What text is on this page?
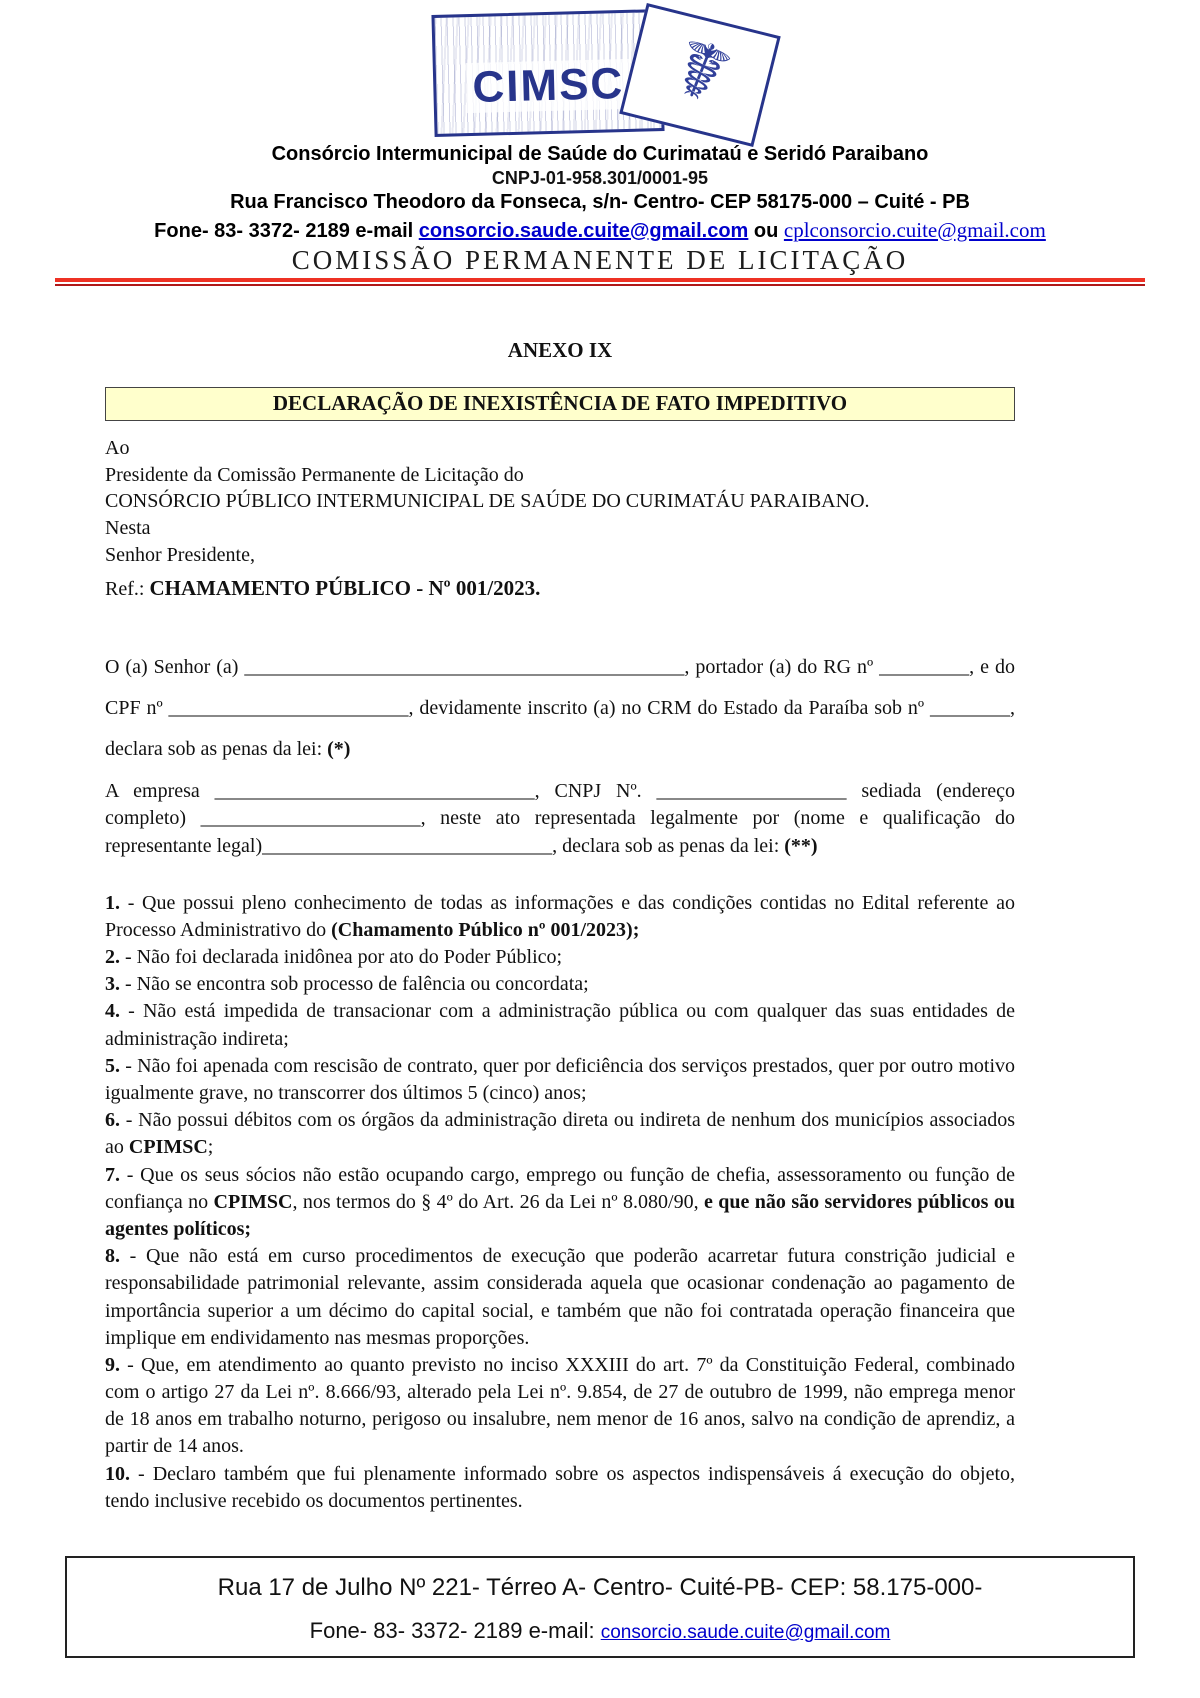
CIMSC ☤
Consórcio Intermunicipal de Saúde do Curimataú e Seridó Paraibano
CNPJ-01-958.301/0001-95
Rua Francisco Theodoro da Fonseca, s/n- Centro- CEP 58175-000 – Cuité - PB
Fone- 83- 3372- 2189 e-mail consorcio.saude.cuite@gmail.com ou cplconsorcio.cuite@gmail.com
COMISSÃO PERMANENTE DE LICITAÇÃO
ANEXO IX
DECLARAÇÃO DE INEXISTÊNCIA DE FATO IMPEDITIVO

Ao

Presidente da Comissão Permanente de Licitação do

CONSÓRCIO PÚBLICO INTERMUNICIPAL DE SAÚDE DO CURIMATÁU PARAIBANO.

Nesta

Senhor Presidente,

Ref.: CHAMAMENTO PÚBLICO - Nº 001/2023.

O (a) Senhor (a) ____________________________________________, portador (a) do RG nº _________, e do CPF nº ________________________, devidamente inscrito (a) no CRM do Estado da Paraíba sob nº ________, declara sob as penas da lei: (*)

A empresa ________________________________, CNPJ Nº. ___________________ sediada (endereço completo) ______________________, neste ato representada legalmente por (nome e qualificação do representante legal)_____________________________, declara sob as penas da lei: (**)

1. - Que possui pleno conhecimento de todas as informações e das condições contidas no Edital referente ao Processo Administrativo do (Chamamento Público nº 001/2023);

2. - Não foi declarada inidônea por ato do Poder Público;

3. - Não se encontra sob processo de falência ou concordata;

4. - Não está impedida de transacionar com a administração pública ou com qualquer das suas entidades de administração indireta;

5. - Não foi apenada com rescisão de contrato, quer por deficiência dos serviços prestados, quer por outro motivo igualmente grave, no transcorrer dos últimos 5 (cinco) anos;

6. - Não possui débitos com os órgãos da administração direta ou indireta de nenhum dos municípios associados ao CPIMSC;

7. - Que os seus sócios não estão ocupando cargo, emprego ou função de chefia, assessoramento ou função de confiança no CPIMSC, nos termos do § 4º do Art. 26 da Lei nº 8.080/90, e que não são servidores públicos ou agentes políticos;

8. - Que não está em curso procedimentos de execução que poderão acarretar futura constrição judicial e responsabilidade patrimonial relevante, assim considerada aquela que ocasionar condenação ao pagamento de importância superior a um décimo do capital social, e também que não foi contratada operação financeira que implique em endividamento nas mesmas proporções.

9. - Que, em atendimento ao quanto previsto no inciso XXXIII do art. 7º da Constituição Federal, combinado com o artigo 27 da Lei nº. 8.666/93, alterado pela Lei nº. 9.854, de 27 de outubro de 1999, não emprega menor de 18 anos em trabalho noturno, perigoso ou insalubre, nem menor de 16 anos, salvo na condição de aprendiz, a partir de 14 anos.

10. - Declaro também que fui plenamente informado sobre os aspectos indispensáveis á execução do objeto, tendo inclusive recebido os documentos pertinentes.

Rua 17 de Julho Nº 221- Térreo A- Centro- Cuité-PB- CEP: 58.175-000-
Fone- 83- 3372- 2189 e-mail: consorcio.saude.cuite@gmail.com
